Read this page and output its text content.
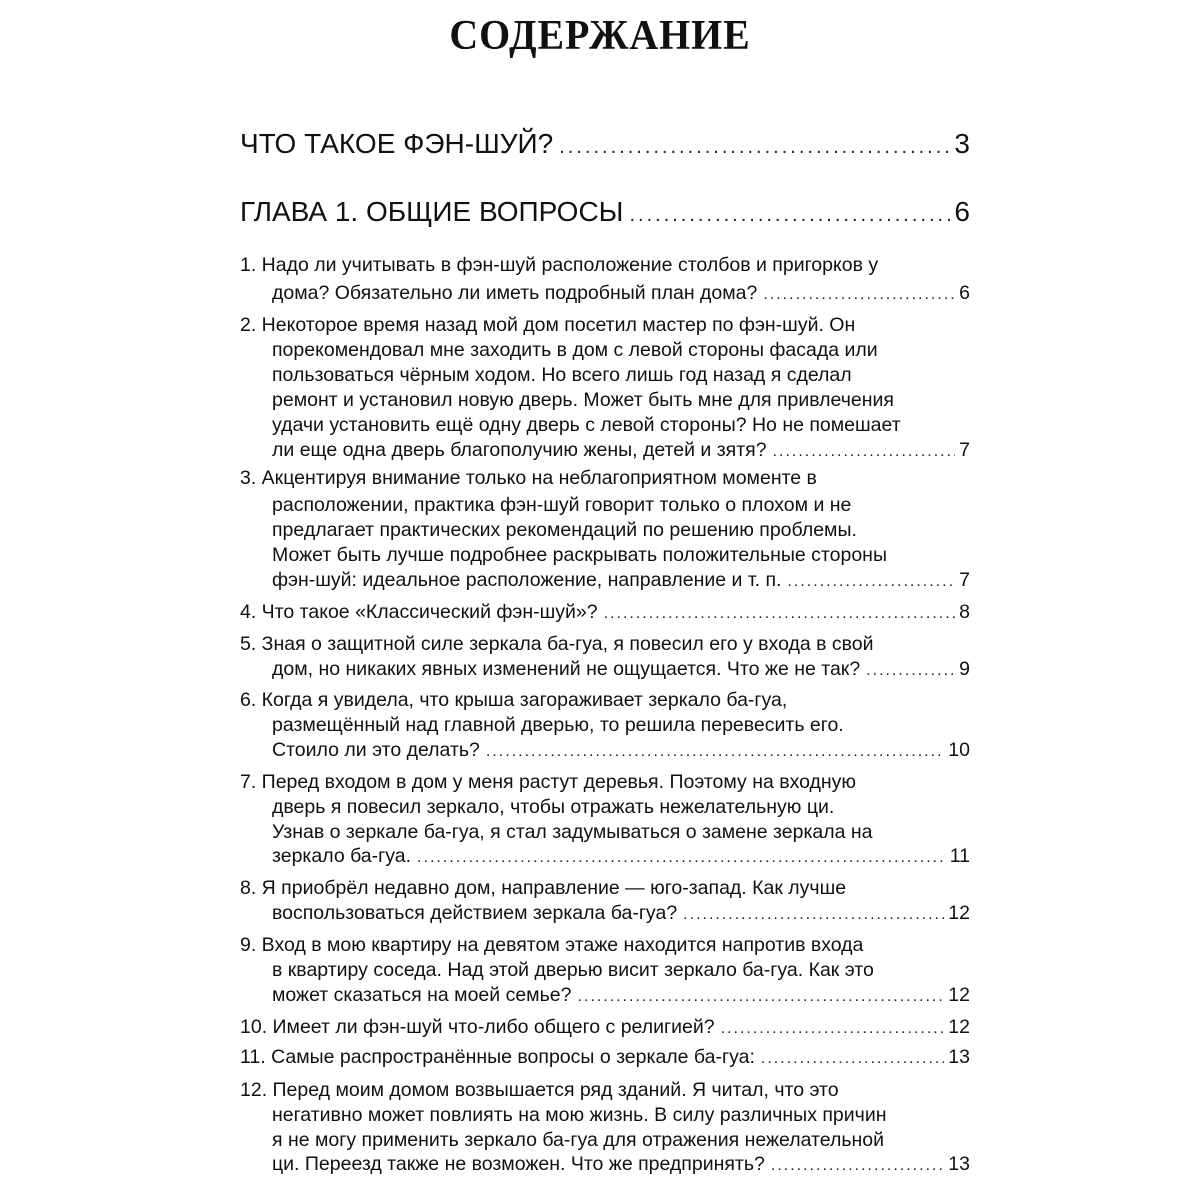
СОДЕРЖАНИЕ
ЧТО ТАКОЕ ФЭН-ШУЙ? .....	3
ГЛАВА 1. ОБЩИЕ ВОПРОСЫ .....	6
1. Надо ли учитывать в фэн-шуй расположение столбов и пригорков у
дома? Обязательно ли иметь подробный план дома? .....	6
2. Некоторое время назад мой дом посетил мастер по фэн-шуй. Он
порекомендовал мне заходить в дом с левой стороны фасада или
пользоваться чёрным ходом. Но всего лишь год назад я сделал
ремонт и установил новую дверь. Может быть мне для привлечения
удачи установить ещё одну дверь с левой стороны? Но не помешает
ли еще одна дверь благополучию жены, детей и зятя? .....	7
3. Акцентируя внимание только на неблагоприятном моменте в
расположении, практика фэн-шуй говорит только о плохом и не
предлагает практических рекомендаций по решению проблемы.
Может быть лучше подробнее раскрывать положительные стороны
фэн-шуй: идеальное расположение, направление и т. п. .....	7
4. Что такое «Классический фэн-шуй»? .....	8
5. Зная о защитной силе зеркала ба-гуа, я повесил его у входа в свой
дом, но никаких явных изменений не ощущается. Что же не так? .....	9
6. Когда я увидела, что крыша загораживает зеркало ба-гуа,
размещённый над главной дверью, то решила перевесить его.
Стоило ли это делать? .....	10
7. Перед входом в дом у меня растут деревья. Поэтому на входную
дверь я повесил зеркало, чтобы отражать нежелательную ци.
Узнав о зеркале ба-гуа, я стал задумываться о замене зеркала на
зеркало ба-гуа. .....	11
8. Я приобрёл недавно дом, направление — юго-запад. Как лучше
воспользоваться действием зеркала ба-гуа? .....	12
9. Вход в мою квартиру на девятом этаже находится напротив входа
в квартиру соседа. Над этой дверью висит зеркало ба-гуа. Как это
может сказаться на моей семье? .....	12
10. Имеет ли фэн-шуй что-либо общего с религией? .....	12
11. Самые распространённые вопросы о зеркале ба-гуа: .....	13
12. Перед моим домом возвышается ряд зданий. Я читал, что это
негативно может повлиять на мою жизнь. В силу различных причин
я не могу применить зеркало ба-гуа для отражения нежелательной
ци. Переезд также не возможен. Что же предпринять? .....	13
